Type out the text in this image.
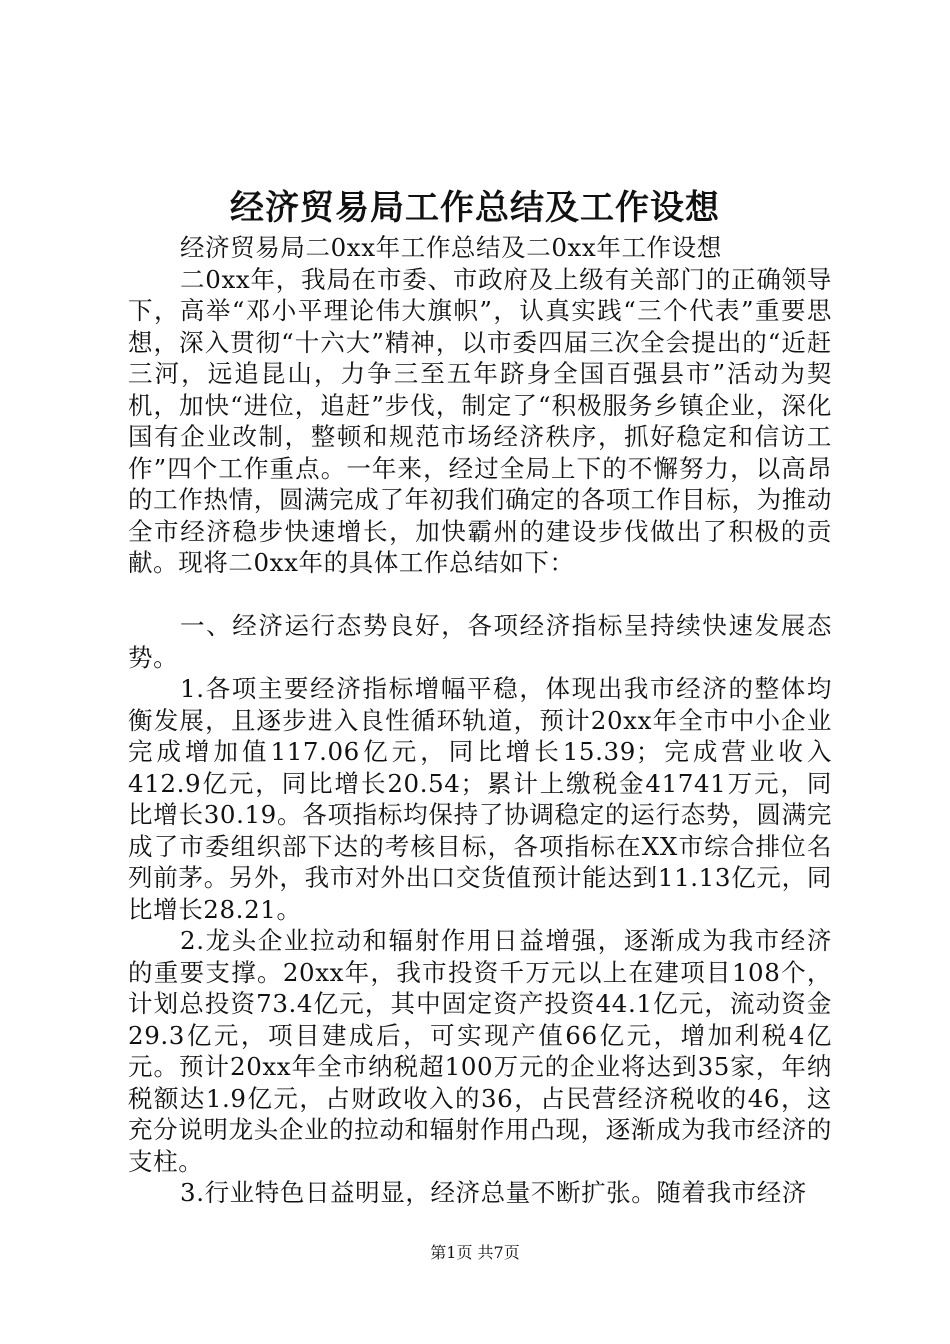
经济贸易局工作总结及工作设想

经济贸易局二0xx年工作总结及二0xx年工作设想

二0xx年，我局在市委、市政府及上级有关部门的正确领导下，高举“邓小平理论伟大旗帜”，认真实践“三个代表”重要思想，深入贯彻“十六大”精神，以市委四届三次全会提出的“近赶三河，远追昆山，力争三至五年跻身全国百强县市”活动为契机，加快“进位，追赶”步伐，制定了“积极服务乡镇企业，深化国有企业改制，整顿和规范市场经济秩序，抓好稳定和信访工作”四个工作重点。一年来，经过全局上下的不懈努力，以高昂的工作热情，圆满完成了年初我们确定的各项工作目标，为推动全市经济稳步快速增长，加快霸州的建设步伐做出了积极的贡献。现将二0xx年的具体工作总结如下：

一、经济运行态势良好，各项经济指标呈持续快速发展态势。

1.各项主要经济指标增幅平稳，体现出我市经济的整体均衡发展，且逐步进入良性循环轨道，预计20xx年全市中小企业完成增加值117.06亿元，同比增长15.39；完成营业收入412.9亿元，同比增长20.54；累计上缴税金41741万元，同比增长30.19。各项指标均保持了协调稳定的运行态势，圆满完成了市委组织部下达的考核目标，各项指标在XX市综合排位名列前茅。另外，我市对外出口交货值预计能达到11.13亿元，同比增长28.21。

2.龙头企业拉动和辐射作用日益增强，逐渐成为我市经济的重要支撑。20xx年，我市投资千万元以上在建项目108个，计划总投资73.4亿元，其中固定资产投资44.1亿元，流动资金29.3亿元，项目建成后，可实现产值66亿元，增加利税4亿元。预计20xx年全市纳税超100万元的企业将达到35家，年纳税额达1.9亿元，占财政收入的36，占民营经济税收的46，这充分说明龙头企业的拉动和辐射作用凸现，逐渐成为我市经济的支柱。

3.行业特色日益明显，经济总量不断扩张。随着我市经济

第1页 共7页
